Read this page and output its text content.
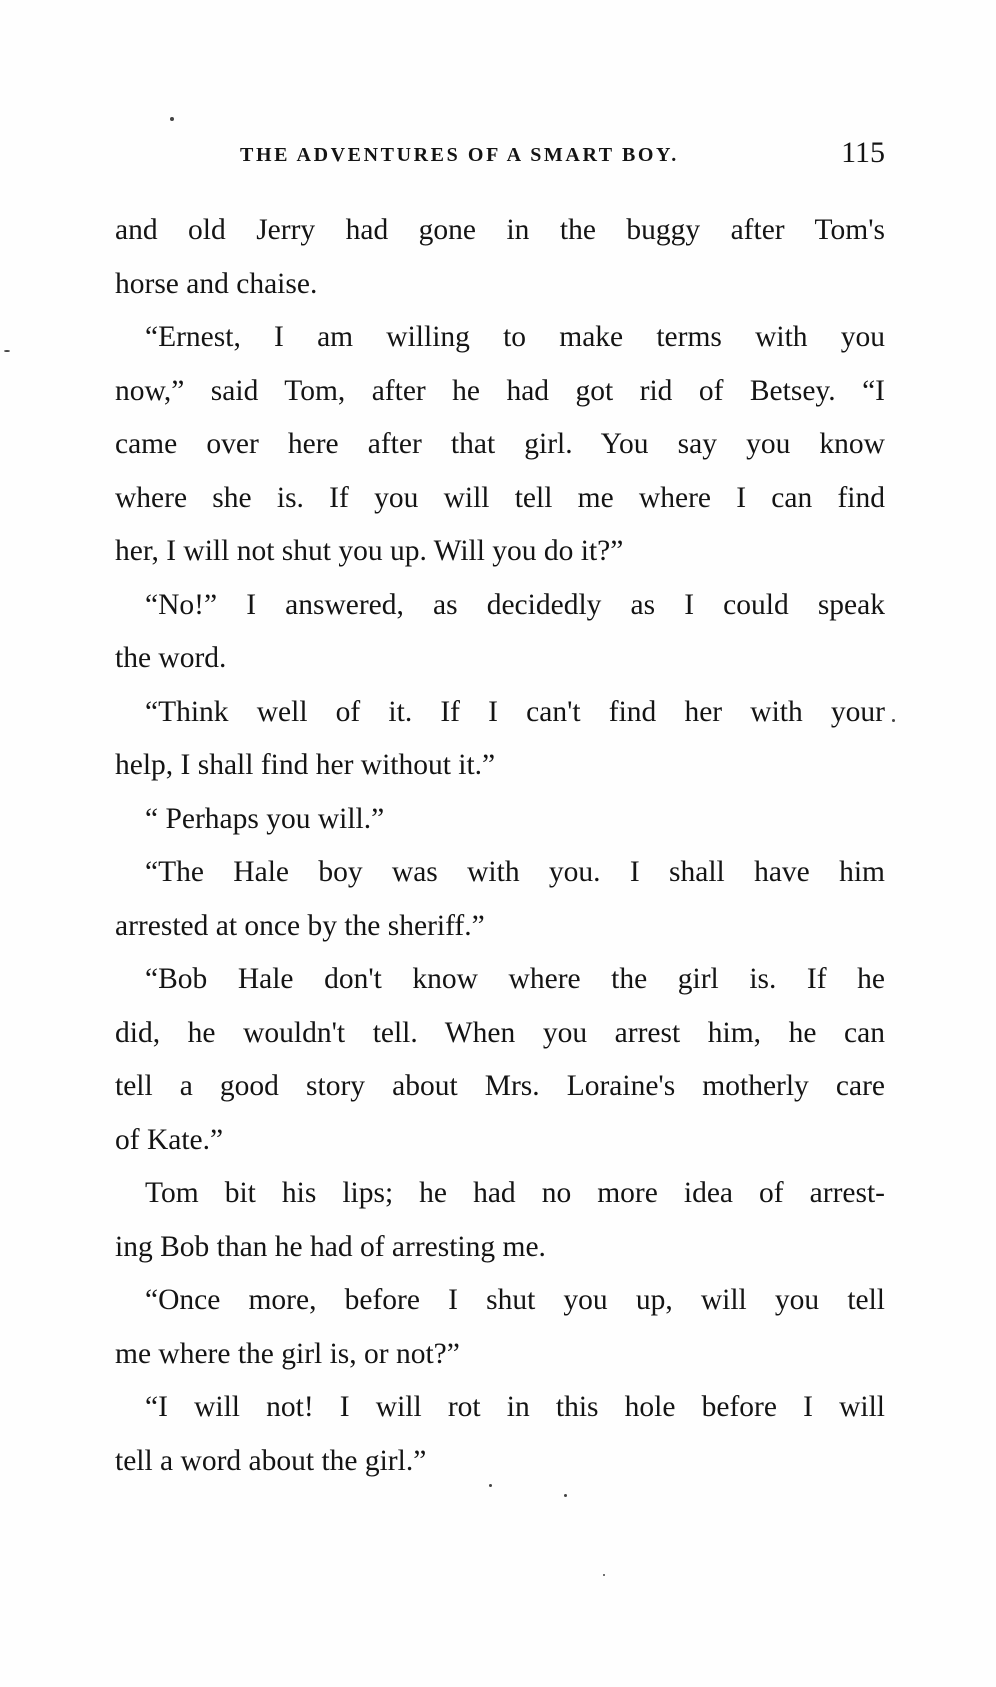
THE ADVENTURES OF A SMART BOY.	115

and old Jerry had gone in the buggy after Tom's
horse and chaise.

“Ernest, I am willing to make terms with you
now,” said Tom, after he had got rid of Betsey. “I
came over here after that girl. You say you know
where she is. If you will tell me where I can find
her, I will not shut you up. Will you do it?”

“No!” I answered, as decidedly as I could speak
the word.

“Think well of it. If I can't find her with your
help, I shall find her without it.”

“ Perhaps you will.”

“The Hale boy was with you. I shall have him
arrested at once by the sheriff.”

“Bob Hale don't know where the girl is. If he
did, he wouldn't tell. When you arrest him, he can
tell a good story about Mrs. Loraine's motherly care
of Kate.”

Tom bit his lips; he had no more idea of arrest-
ing Bob than he had of arresting me.

“Once more, before I shut you up, will you tell
me where the girl is, or not?”

“I will not! I will rot in this hole before I will
tell a word about the girl.”
